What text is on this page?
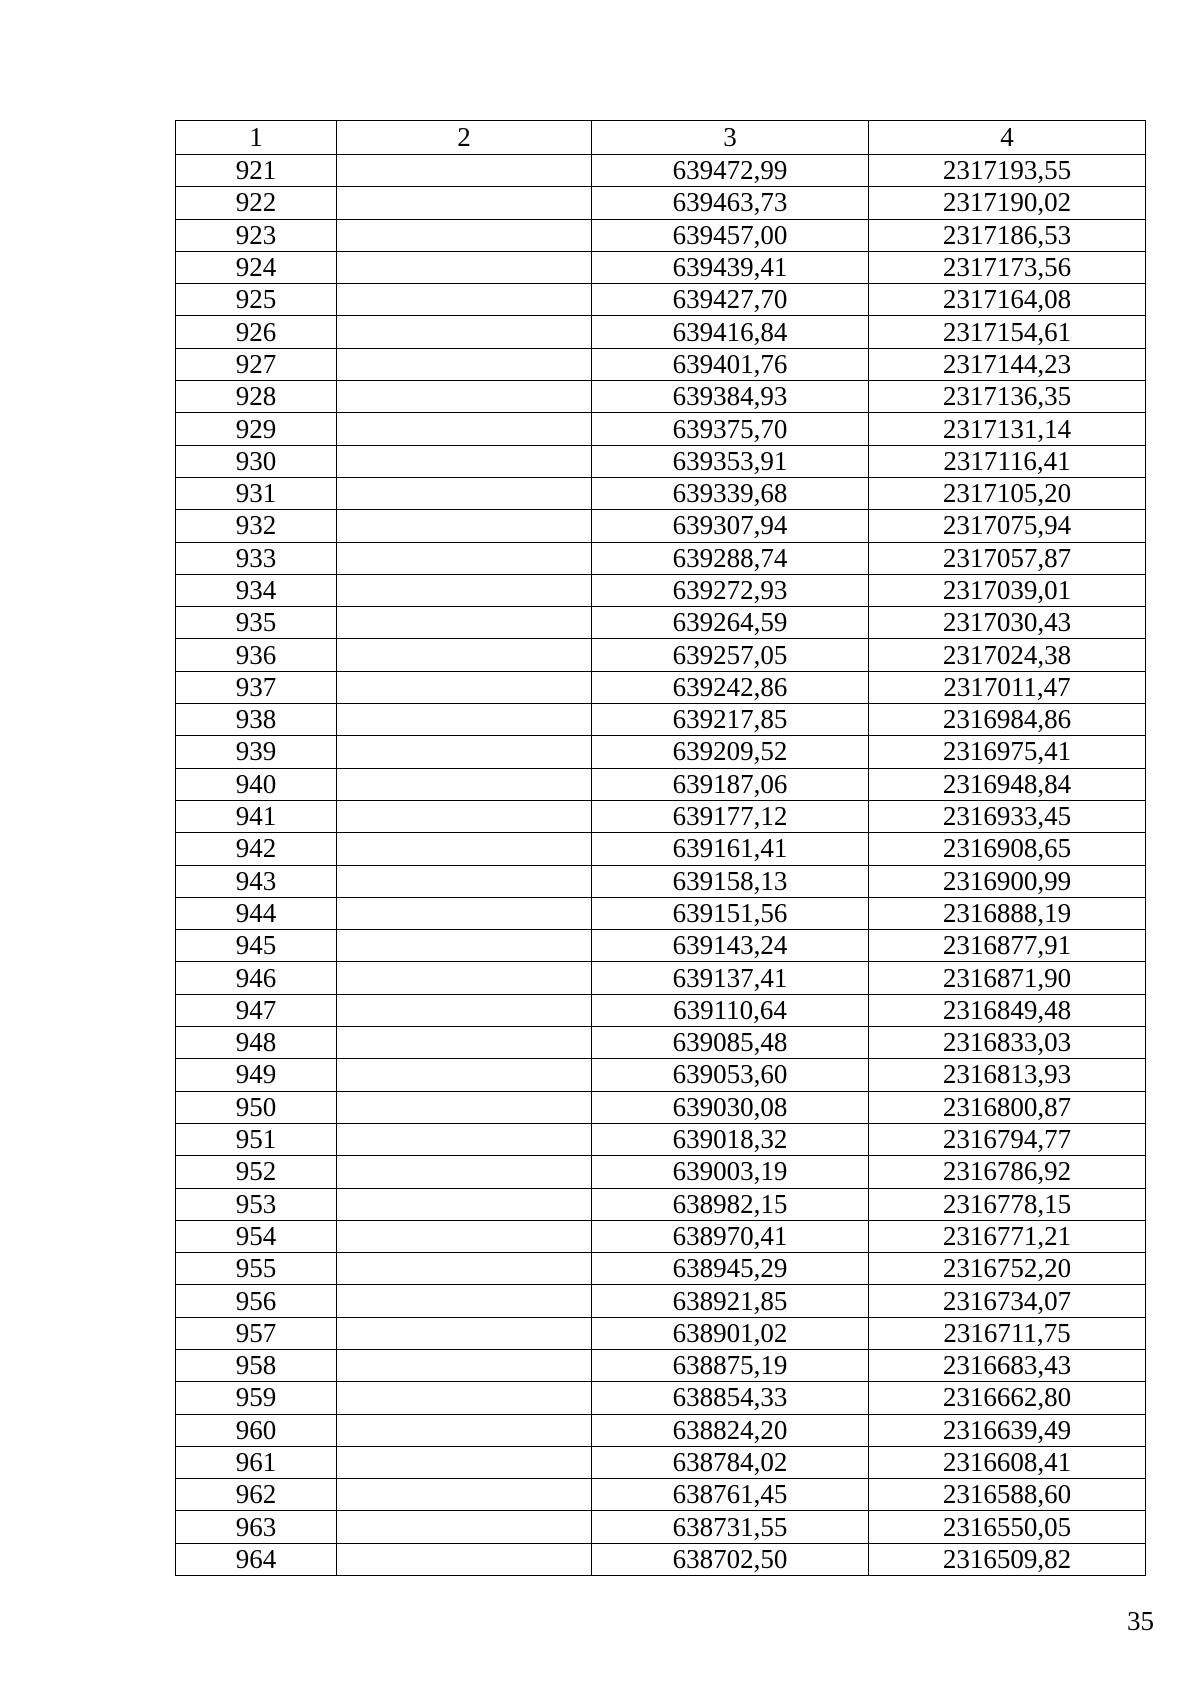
1	2	3	4
921		639472,99	2317193,55
922		639463,73	2317190,02
923		639457,00	2317186,53
924		639439,41	2317173,56
925		639427,70	2317164,08
926		639416,84	2317154,61
927		639401,76	2317144,23
928		639384,93	2317136,35
929		639375,70	2317131,14
930		639353,91	2317116,41
931		639339,68	2317105,20
932		639307,94	2317075,94
933		639288,74	2317057,87
934		639272,93	2317039,01
935		639264,59	2317030,43
936		639257,05	2317024,38
937		639242,86	2317011,47
938		639217,85	2316984,86
939		639209,52	2316975,41
940		639187,06	2316948,84
941		639177,12	2316933,45
942		639161,41	2316908,65
943		639158,13	2316900,99
944		639151,56	2316888,19
945		639143,24	2316877,91
946		639137,41	2316871,90
947		639110,64	2316849,48
948		639085,48	2316833,03
949		639053,60	2316813,93
950		639030,08	2316800,87
951		639018,32	2316794,77
952		639003,19	2316786,92
953		638982,15	2316778,15
954		638970,41	2316771,21
955		638945,29	2316752,20
956		638921,85	2316734,07
957		638901,02	2316711,75
958		638875,19	2316683,43
959		638854,33	2316662,80
960		638824,20	2316639,49
961		638784,02	2316608,41
962		638761,45	2316588,60
963		638731,55	2316550,05
964		638702,50	2316509,82
35
